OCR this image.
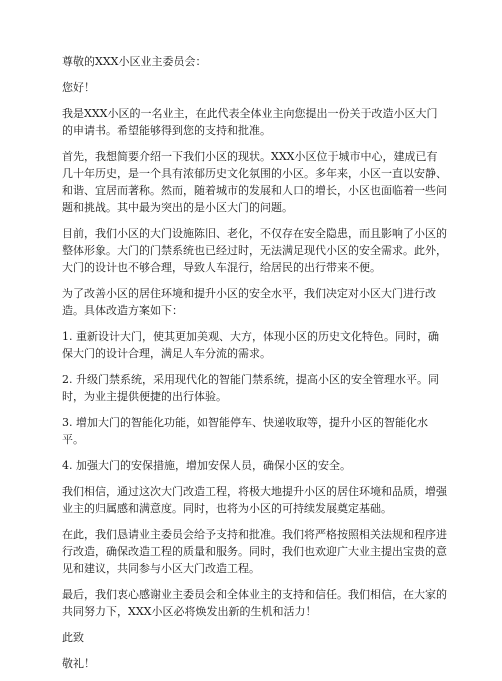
尊敬的XXX小区业主委员会：

您好！

我是XXX小区的一名业主，在此代表全体业主向您提出一份关于改造小区大门的申请书。希望能够得到您的支持和批准。

首先，我想简要介绍一下我们小区的现状。XXX小区位于城市中心，建成已有几十年历史，是一个具有浓郁历史文化氛围的小区。多年来，小区一直以安静、和谐、宜居而著称。然而，随着城市的发展和人口的增长，小区也面临着一些问题和挑战。其中最为突出的是小区大门的问题。

目前，我们小区的大门设施陈旧、老化，不仅存在安全隐患，而且影响了小区的整体形象。大门的门禁系统也已经过时，无法满足现代小区的安全需求。此外，大门的设计也不够合理，导致人车混行，给居民的出行带来不便。

为了改善小区的居住环境和提升小区的安全水平，我们决定对小区大门进行改造。具体改造方案如下：

1. 重新设计大门，使其更加美观、大方，体现小区的历史文化特色。同时，确保大门的设计合理，满足人车分流的需求。

2. 升级门禁系统，采用现代化的智能门禁系统，提高小区的安全管理水平。同时，为业主提供便捷的出行体验。

3. 增加大门的智能化功能，如智能停车、快递收取等，提升小区的智能化水平。

4. 加强大门的安保措施，增加安保人员，确保小区的安全。

我们相信，通过这次大门改造工程，将极大地提升小区的居住环境和品质，增强业主的归属感和满意度。同时，也将为小区的可持续发展奠定基础。

在此，我们恳请业主委员会给予支持和批准。我们将严格按照相关法规和程序进行改造，确保改造工程的质量和服务。同时，我们也欢迎广大业主提出宝贵的意见和建议，共同参与小区大门改造工程。

最后，我们衷心感谢业主委员会和全体业主的支持和信任。我们相信，在大家的共同努力下，XXX小区必将焕发出新的生机和活力！

此致

敬礼！
